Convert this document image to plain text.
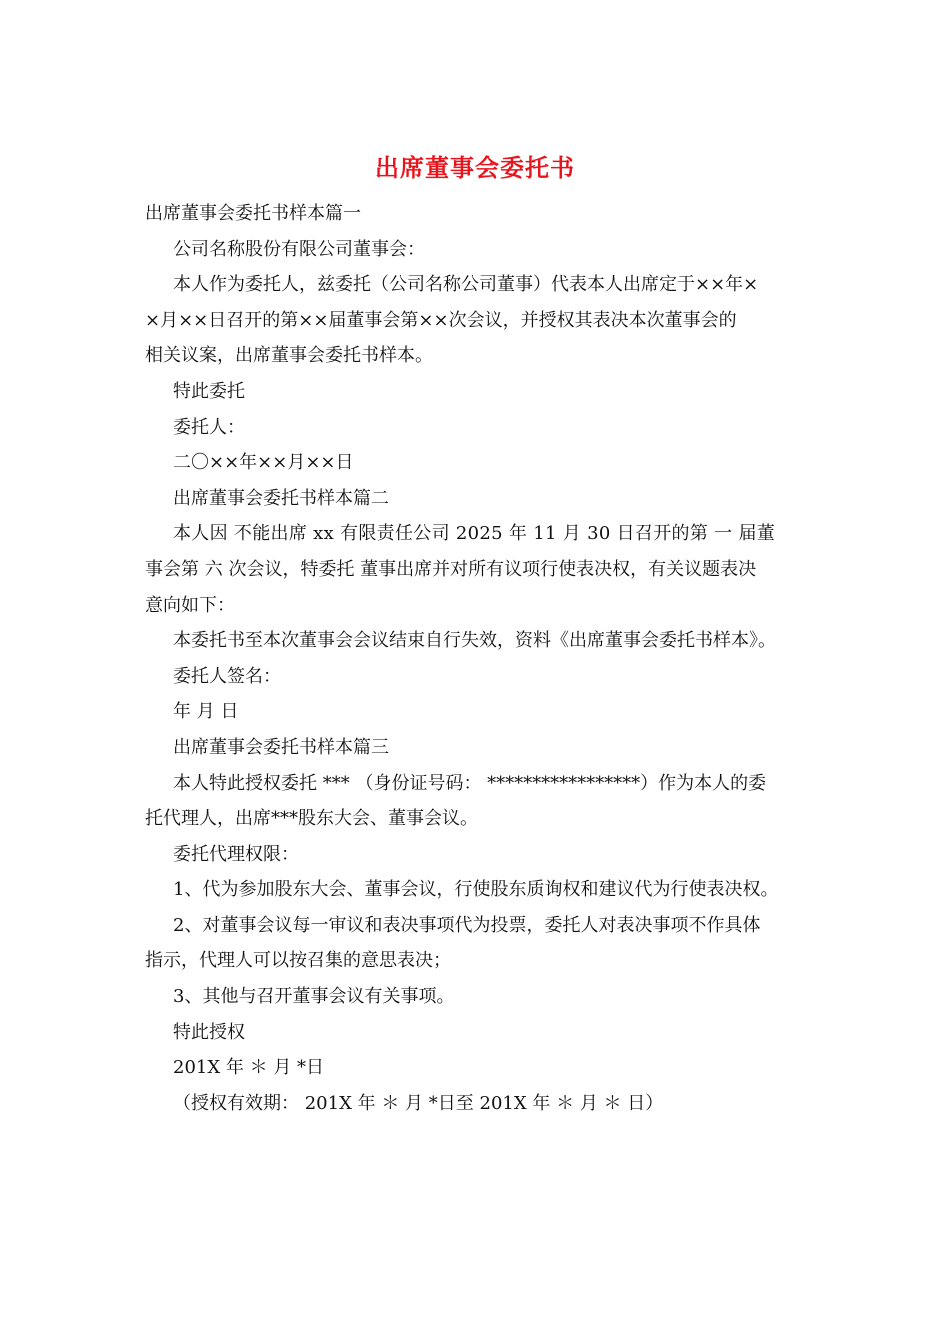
出席董事会委托书

出席董事会委托书样本篇一

公司名称股份有限公司董事会：

本人作为委托人，兹委托（公司名称公司董事）代表本人出席定于××年×

×月××日召开的第××届董事会第××次会议，并授权其表决本次董事会的

相关议案，出席董事会委托书样本。

特此委托

委托人：

二〇××年××月××日

出席董事会委托书样本篇二

本人因 不能出席 xx 有限责任公司 2025 年 11 月 30 日召开的第 一 届董

事会第 六 次会议，特委托 董事出席并对所有议项行使表决权，有关议题表决

意向如下：

本委托书至本次董事会会议结束自行失效，资料《出席董事会委托书样本》。

委托人签名：

年 月 日

出席董事会委托书样本篇三

本人特此授权委托 *** （身份证号码： *****************）作为本人的委

托代理人，出席***股东大会、董事会议。

委托代理权限：

1、代为参加股东大会、董事会议，行使股东质询权和建议代为行使表决权。

2、对董事会议每一审议和表决事项代为投票，委托人对表决事项不作具体

指示，代理人可以按召集的意思表决；

3、其他与召开董事会议有关事项。

特此授权

201X 年 ＊ 月 *日

（授权有效期： 201X 年 ＊ 月 *日至 201X 年 ＊ 月 ＊ 日）
